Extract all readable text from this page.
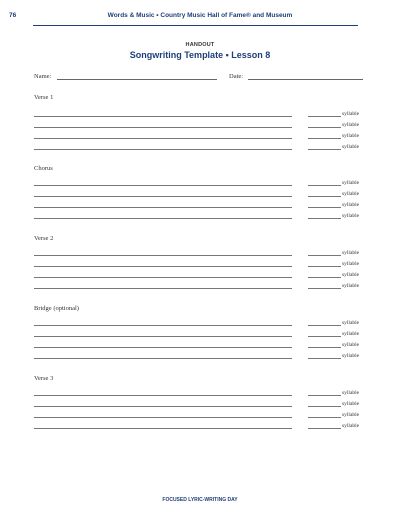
76	Words & Music • Country Music Hall of Fame® and Museum
HANDOUT
Songwriting Template • Lesson 8
Name:	Date:
Verse 1
syllable
syllable
syllable
syllable
Chorus
syllable
syllable
syllable
syllable
Verse 2
syllable
syllable
syllable
syllable
Bridge (optional)
syllable
syllable
syllable
syllable
Verse 3
syllable
syllable
syllable
syllable
FOCUSED LYRIC-WRITING DAY
